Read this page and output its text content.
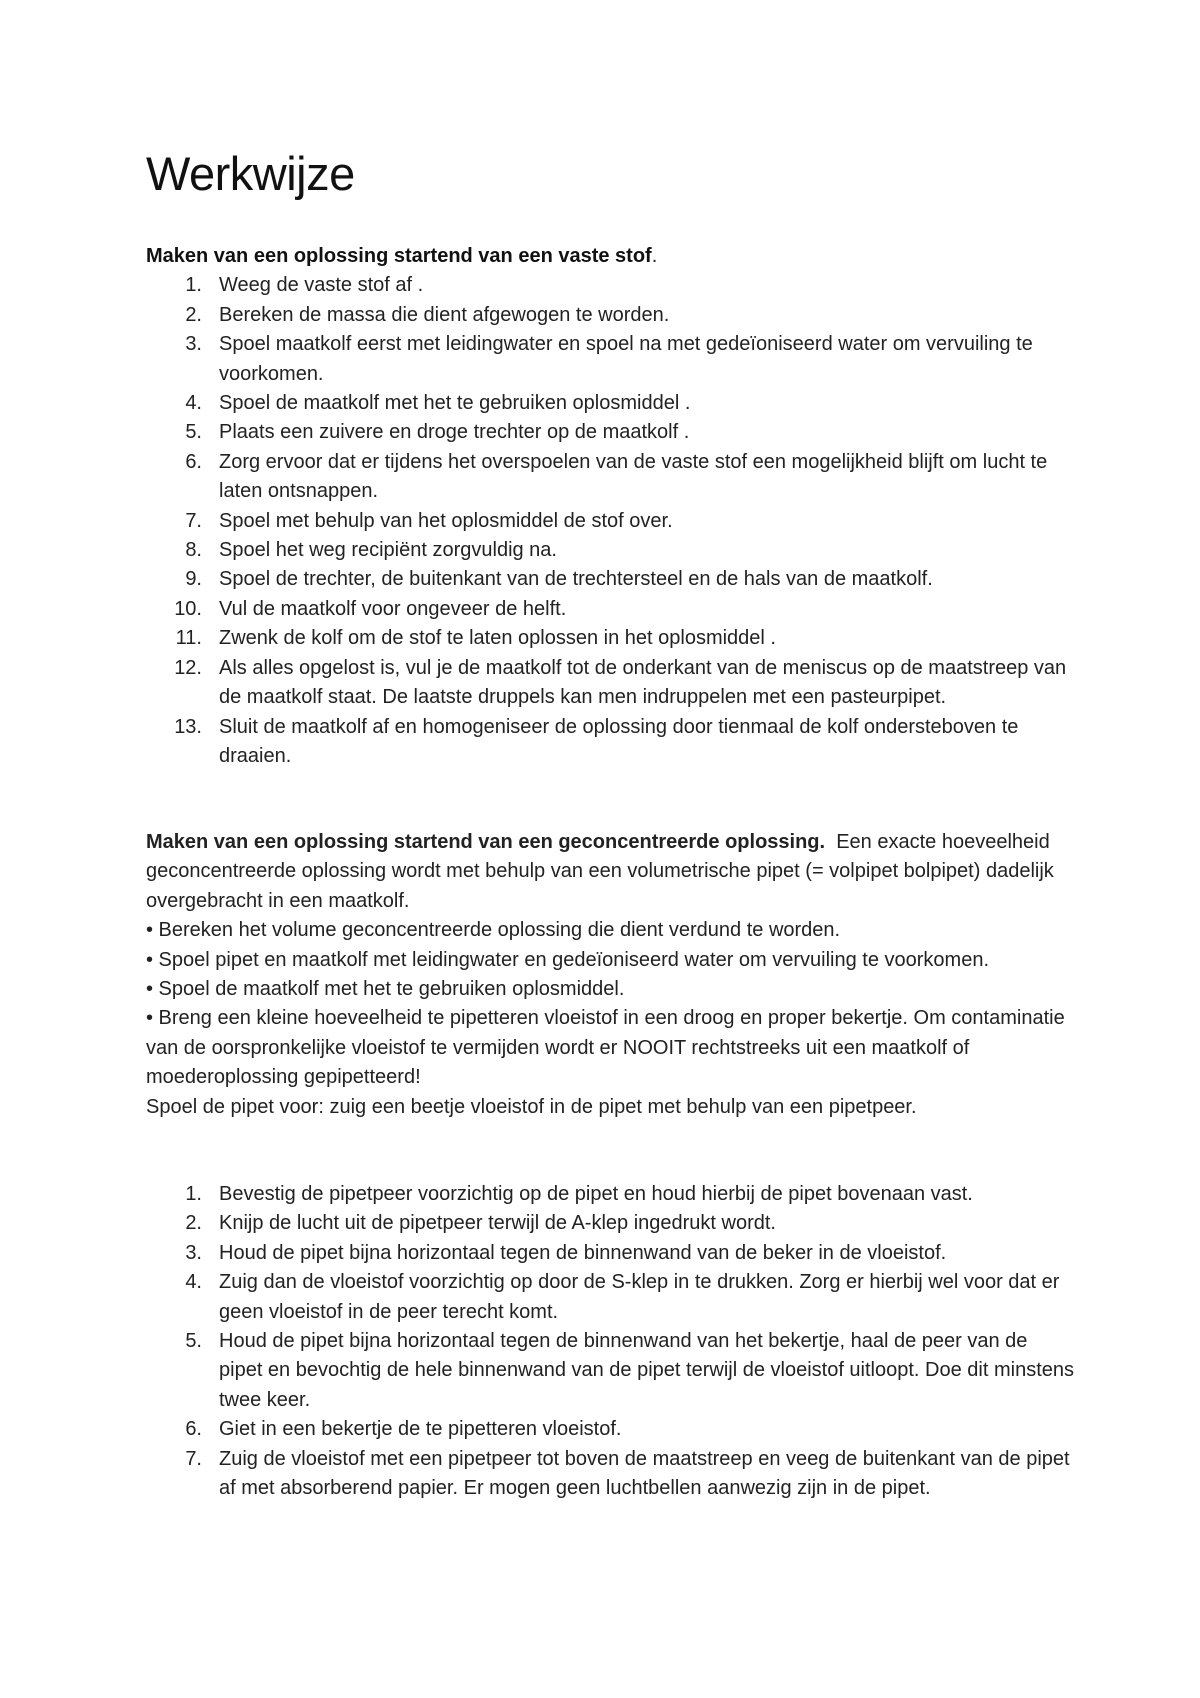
Werkwijze

Maken van een oplossing startend van een vaste stof.

1. Weeg de vaste stof af .
2. Bereken de massa die dient afgewogen te worden.
3. Spoel maatkolf eerst met leidingwater en spoel na met gedeïoniseerd water om vervuiling te voorkomen.
4. Spoel de maatkolf met het te gebruiken oplosmiddel .
5. Plaats een zuivere en droge trechter op de maatkolf .
6. Zorg ervoor dat er tijdens het overspoelen van de vaste stof een mogelijkheid blijft om lucht te laten ontsnappen.
7. Spoel met behulp van het oplosmiddel de stof over.
8. Spoel het weg recipiënt zorgvuldig na.
9. Spoel de trechter, de buitenkant van de trechtersteel en de hals van de maatkolf.
10. Vul de maatkolf voor ongeveer de helft.
11. Zwenk de kolf om de stof te laten oplossen in het oplosmiddel .
12. Als alles opgelost is, vul je de maatkolf tot de onderkant van de meniscus op de maatstreep van de maatkolf staat. De laatste druppels kan men indruppelen met een pasteurpipet.
13. Sluit de maatkolf af en homogeniseer de oplossing door tienmaal de kolf ondersteboven te draaien.

Maken van een oplossing startend van een geconcentreerde oplossing. Een exacte hoeveelheid geconcentreerde oplossing wordt met behulp van een volumetrische pipet (= volpipet bolpipet) dadelijk overgebracht in een maatkolf.

• Bereken het volume geconcentreerde oplossing die dient verdund te worden.

• Spoel pipet en maatkolf met leidingwater en gedeïoniseerd water om vervuiling te voorkomen.

• Spoel de maatkolf met het te gebruiken oplosmiddel.

• Breng een kleine hoeveelheid te pipetteren vloeistof in een droog en proper bekertje. Om contaminatie van de oorspronkelijke vloeistof te vermijden wordt er NOOIT rechtstreeks uit een maatkolf of moederoplossing gepipetteerd!

Spoel de pipet voor: zuig een beetje vloeistof in de pipet met behulp van een pipetpeer.

1. Bevestig de pipetpeer voorzichtig op de pipet en houd hierbij de pipet bovenaan vast.
2. Knijp de lucht uit de pipetpeer terwijl de A-klep ingedrukt wordt.
3. Houd de pipet bijna horizontaal tegen de binnenwand van de beker in de vloeistof.
4. Zuig dan de vloeistof voorzichtig op door de S-klep in te drukken. Zorg er hierbij wel voor dat er geen vloeistof in de peer terecht komt.
5. Houd de pipet bijna horizontaal tegen de binnenwand van het bekertje, haal de peer van de pipet en bevochtig de hele binnenwand van de pipet terwijl de vloeistof uitloopt. Doe dit minstens twee keer.
6. Giet in een bekertje de te pipetteren vloeistof.
7. Zuig de vloeistof met een pipetpeer tot boven de maatstreep en veeg de buitenkant van de pipet af met absorberend papier. Er mogen geen luchtbellen aanwezig zijn in de pipet.
